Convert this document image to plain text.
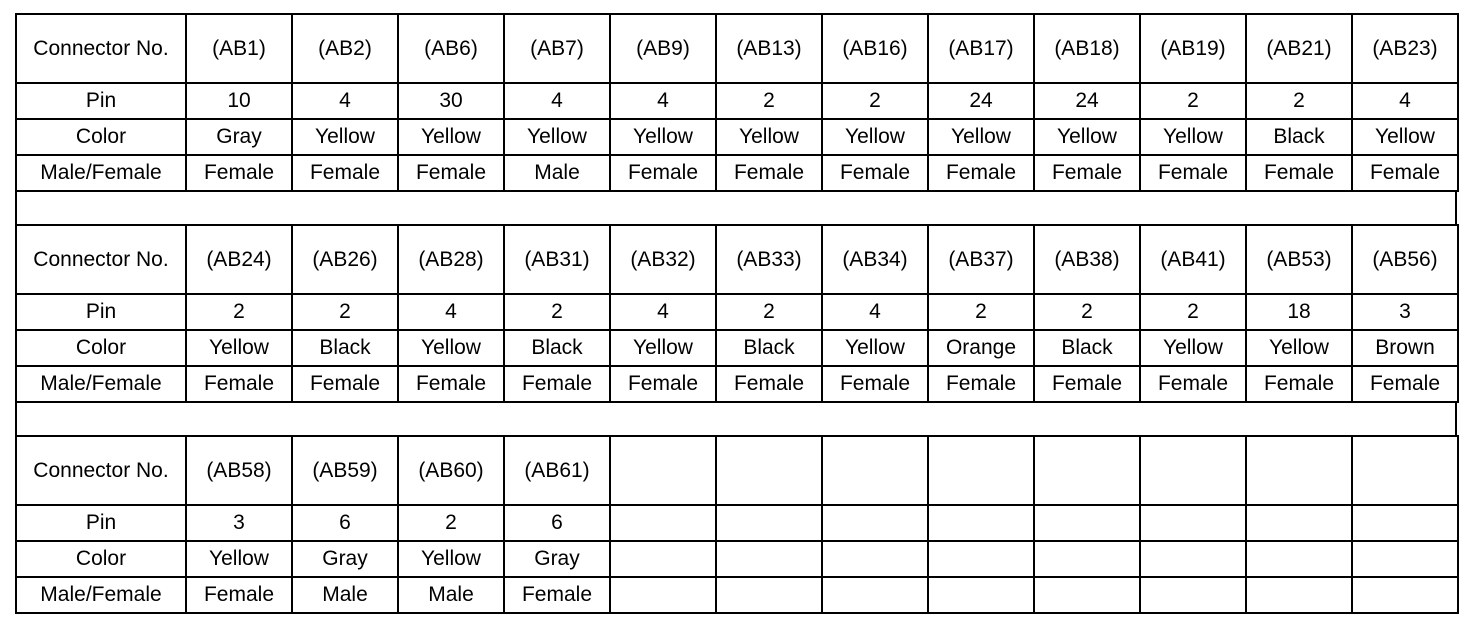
Connector No.	(AB1)	(AB2)	(AB6)	(AB7)	(AB9)	(AB13)	(AB16)	(AB17)	(AB18)	(AB19)	(AB21)	(AB23)
Pin	10	4	30	4	4	2	2	24	24	2	2	4
Color	Gray	Yellow	Yellow	Yellow	Yellow	Yellow	Yellow	Yellow	Yellow	Yellow	Black	Yellow
Male/Female	Female	Female	Female	Male	Female	Female	Female	Female	Female	Female	Female	Female
Connector No.	(AB24)	(AB26)	(AB28)	(AB31)	(AB32)	(AB33)	(AB34)	(AB37)	(AB38)	(AB41)	(AB53)	(AB56)
Pin	2	2	4	2	4	2	4	2	2	2	18	3
Color	Yellow	Black	Yellow	Black	Yellow	Black	Yellow	Orange	Black	Yellow	Yellow	Brown
Male/Female	Female	Female	Female	Female	Female	Female	Female	Female	Female	Female	Female	Female
Connector No.	(AB58)	(AB59)	(AB60)	(AB61)								
Pin	3	6	2	6								
Color	Yellow	Gray	Yellow	Gray								
Male/Female	Female	Male	Male	Female								
